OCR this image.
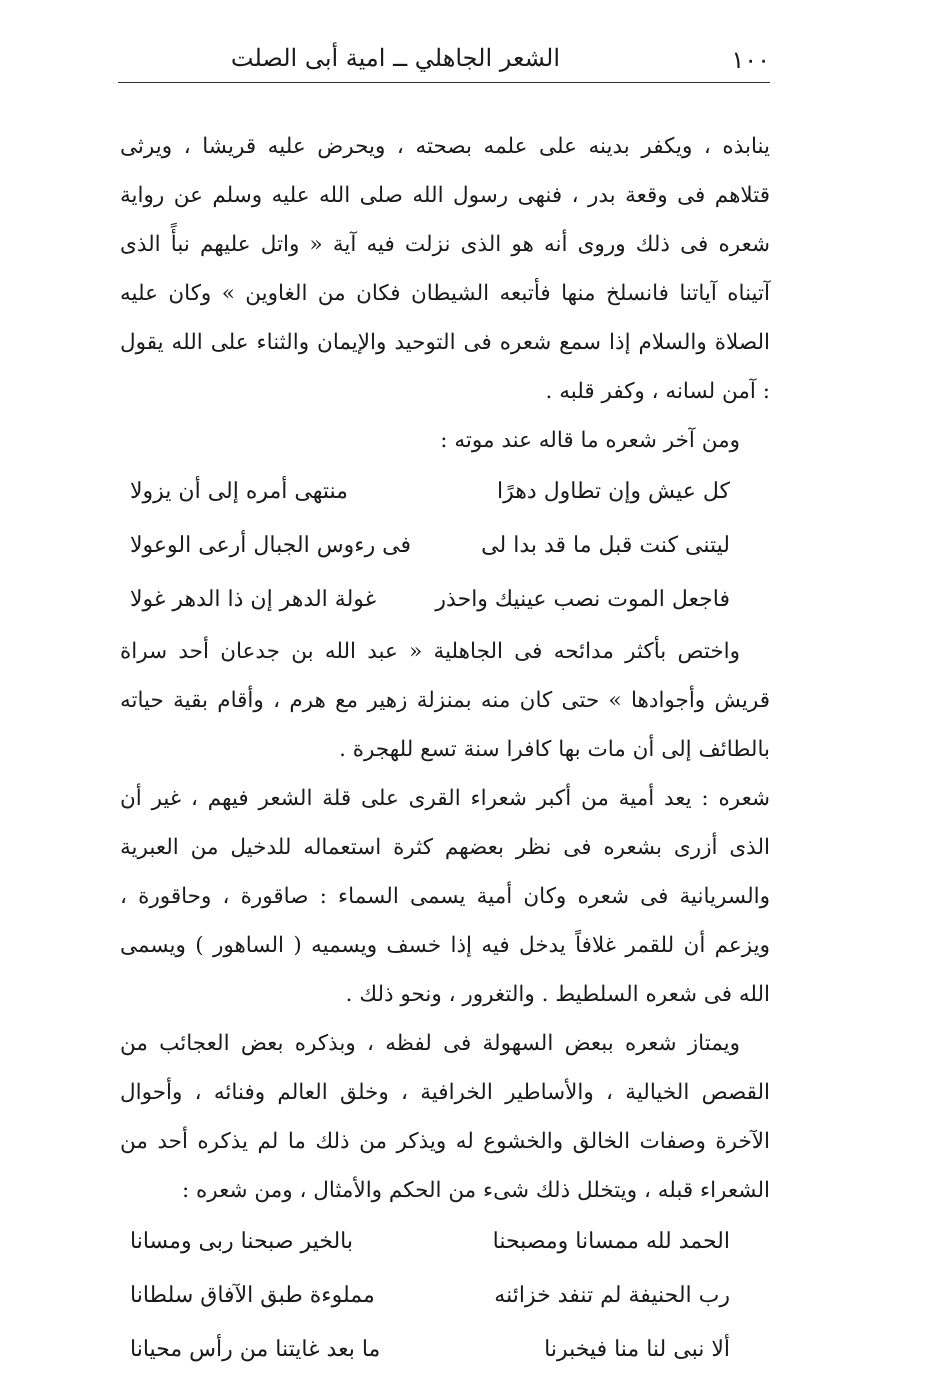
١٠٠
الشعر الجاهلي ــ امية أبى الصلت

ينابذه ، ويكفر بدينه على علمه بصحته ، ويحرض عليه قريشا ، ويرثى قتلاهم فى وقعة بدر ، فنهى رسول الله صلى الله عليه وسلم عن رواية شعره فى ذلك وروى أنه هو الذى نزلت فيه آية « واتل عليهم نبأً الذى آتيناه آياتنا فانسلخ منها فأتبعه الشيطان فكان من الغاوين » وكان عليه الصلاة والسلام إذا سمع شعره فى التوحيد والإيمان والثناء على الله يقول : آمن لسانه ، وكفر قلبه .

ومن آخر شعره ما قاله عند موته :

كل عيش وإن تطاول دهرًا
منتهى أمره إلى أن يزولا
ليتنى كنت قبل ما قد بدا لى
فى رءوس الجبال أرعى الوعولا
فاجعل الموت نصب عينيك واحذر
غولة الدهر إن ذا الدهر غولا

واختص بأكثر مدائحه فى الجاهلية « عبد الله بن جدعان أحد سراة قريش وأجوادها » حتى كان منه بمنزلة زهير مع هرم ، وأقام بقية حياته بالطائف إلى أن مات بها كافرا سنة تسع للهجرة .

شعره : يعد أمية من أكبر شعراء القرى على قلة الشعر فيهم ، غير أن الذى أزرى بشعره فى نظر بعضهم كثرة استعماله للدخيل من العبرية والسريانية فى شعره وكان أمية يسمى السماء : صاقورة ، وحاقورة ، ويزعم أن للقمر غلافاً يدخل فيه إذا خسف ويسميه ( الساهور ) ويسمى الله فى شعره السلطيط . والتغرور ، ونحو ذلك .

ويمتاز شعره ببعض السهولة فى لفظه ، وبذكره بعض العجائب من القصص الخيالية ، والأساطير الخرافية ، وخلق العالم وفنائه ، وأحوال الآخرة وصفات الخالق والخشوع له ويذكر من ذلك ما لم يذكره أحد من الشعراء قبله ، ويتخلل ذلك شىء من الحكم والأمثال ، ومن شعره :

الحمد لله ممسانا ومصبحنا
بالخير صبحنا ربى ومسانا
رب الحنيفة لم تنفد خزائنه
مملوءة طبق الآفاق سلطانا
ألا نبى لنا منا فيخبرنا
ما بعد غايتنا من رأس محيانا
